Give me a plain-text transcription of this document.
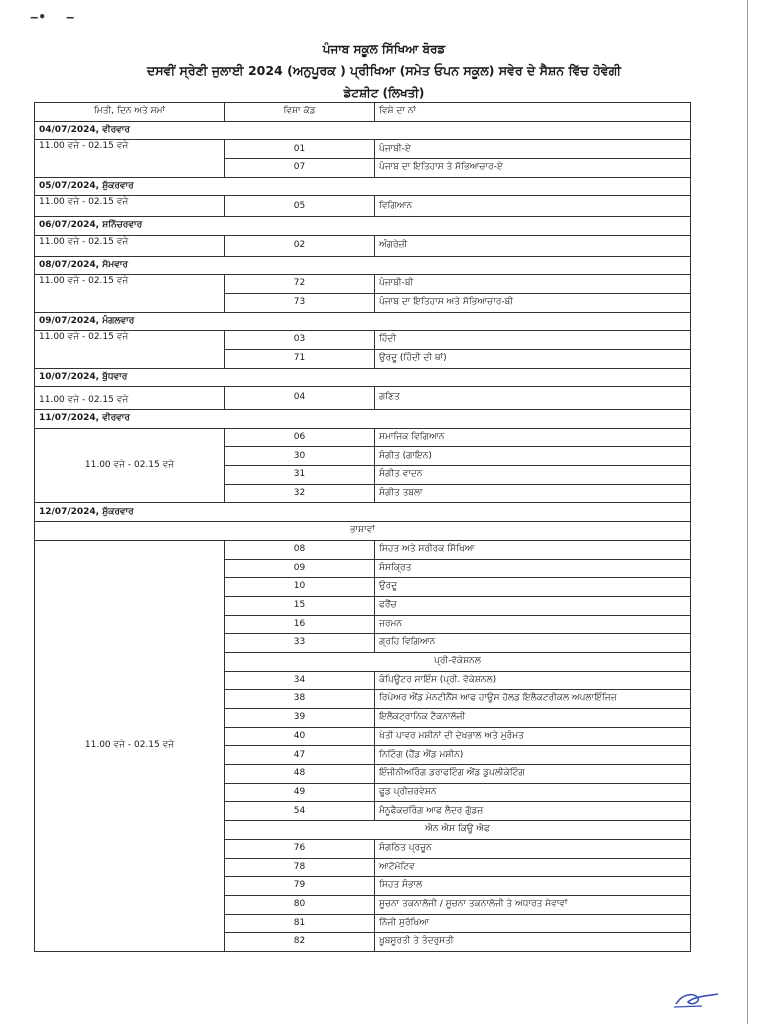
‒• ‒
ਪੰਜਾਬ ਸਕੂਲ ਸਿੱਖਿਆ ਬੋਰਡ
ਦਸਵੀਂ ਸ੍ਰੇਣੀ ਜੁਲਾਈ 2024 (ਅਨੁਪੂਰਕ ) ਪ੍ਰੀਖਿਆ (ਸਮੇਤ ਓਪਨ ਸਕੂਲ) ਸਵੇਰ ਦੇ ਸੈਸ਼ਨ ਵਿੱਚ ਹੋਵੇਗੀ
ਡੇਟਸ਼ੀਟ (ਲਿਖਤੀ)
ਮਿਤੀ, ਦਿਨ ਅਤੇ ਸਮਾਂ	ਵਿਸ਼ਾ ਕੋਡ	ਵਿਸ਼ੇ ਦਾ ਨਾਂ
04/07/2024, ਵੀਰਵਾਰ		
11.00 ਵਜੇ - 02.15 ਵਜੇ	01	ਪੰਜਾਬੀ-ਏ
	07	ਪੰਜਾਬ ਦਾ ਇਤਿਹਾਸ ਤੇ ਸੱਭਿਆਚਾਰ-ਏ
05/07/2024, ਸ਼ੁੱਕਰਵਾਰ		
11.00 ਵਜੇ - 02.15 ਵਜੇ	05	ਵਿਗਿਆਨ
06/07/2024, ਸ਼ਨਿੱਚਰਵਾਰ		
11.00 ਵਜੇ - 02.15 ਵਜੇ	02	ਅੰਗਰੇਜ਼ੀ
08/07/2024, ਸੋਮਵਾਰ		
11.00 ਵਜੇ - 02.15 ਵਜੇ	72	ਪੰਜਾਬੀ-ਬੀ
	73	ਪੰਜਾਬ ਦਾ ਇਤਿਹਾਸ ਅਤੇ ਸੱਭਿਆਚਾਰ-ਬੀ
09/07/2024, ਮੰਗਲਵਾਰ		
11.00 ਵਜੇ - 02.15 ਵਜੇ	03	ਹਿੰਦੀ
	71	ਉਰਦੂ (ਹਿੰਦੀ ਦੀ ਥਾਂ)
10/07/2024, ਬੁੱਧਵਾਰ		
11.00 ਵਜੇ - 02.15 ਵਜੇ	04	ਗਣਿਤ
11/07/2024, ਵੀਰਵਾਰ		
11.00 ਵਜੇ - 02.15 ਵਜੇ	06	ਸਮਾਜਿਕ ਵਿਗਿਆਨ
	30	ਸੰਗੀਤ (ਗਾਇਨ)
	31	ਸੰਗੀਤ ਵਾਦਨ
	32	ਸੰਗੀਤ ਤਬਲਾ
12/07/2024, ਸ਼ੁੱਕਰਵਾਰ		
ਭਾਸ਼ਾਵਾਂ		
11.00 ਵਜੇ - 02.15 ਵਜੇ	08	ਸਿਹਤ ਅਤੇ ਸਰੀਰਕ ਸਿੱਖਿਆ
	09	ਸੰਸਕ੍ਰਿਤ
	10	ਉਰਦੂ
	15	ਫਰੈਂਚ
	16	ਜਰਮਨ
	33	ਗ੍ਰਹਿ ਵਿਗਿਆਨ
	ਪ੍ਰੀ-ਵੋਕੇਸ਼ਨਲ	
	34	ਕੰਪਿਊਟਰ ਸਾਇੰਸ (ਪ੍ਰੀ. ਵੋਕੇਸ਼ਨਲ)
	38	ਰਿਪੇਅਰ ਐਂਡ ਮੇਨਟੀਨੈਂਸ ਆਫ ਹਾਊਸ ਹੋਲਡ ਇਲੈਕਟਰੀਕਲ ਅਪਲਾਇੰਜਿਜ਼
	39	ਇਲੈਕਟ੍ਰਾਨਿਕ ਟੈਕਨਾਲੋਜੀ
	40	ਖੇਤੀ ਪਾਵਰ ਮਸ਼ੀਨਾਂ ਦੀ ਦੇਖਭਾਲ ਅਤੇ ਮੁਰੰਮਤ
	47	ਨਿਟਿੰਗ (ਹੈਂਡ ਐਂਡ ਮਸ਼ੀਨ)
	48	ਇੰਜੀਨੀਅਰਿੰਗ ਡਰਾਫਟਿੰਗ ਐਂਡ ਡੁਪਲੀਕੇਟਿੰਗ
	49	ਫੂਡ ਪ੍ਰੀਜ਼ਰਵੇਸ਼ਨ
	54	ਮੈਨੂਫੈਕਚਰਿੰਗ ਆਫ ਲੈਦਰ ਗੁੱਡਜ਼
	ਐਨ ਐਸ ਕਿਊ ਐਫ	
	76	ਸੰਗਠਿਤ ਪ੍ਰਚੂਨ
	78	ਆਟੋਮੋਟਿਵ
	79	ਸਿਹਤ ਸੰਭਾਲ
	80	ਸੂਚਨਾ ਤਕਨਾਲੋਜੀ / ਸੂਚਨਾ ਤਕਨਾਲੋਜੀ ਤੇ ਅਧਾਰਤ ਸੇਵਾਵਾਂ
	81	ਨਿੱਜੀ ਸੁਰੱਖਿਆ
	82	ਖੂਬਸੂਰਤੀ ਤੇ ਤੰਦਰੁਸਤੀ
